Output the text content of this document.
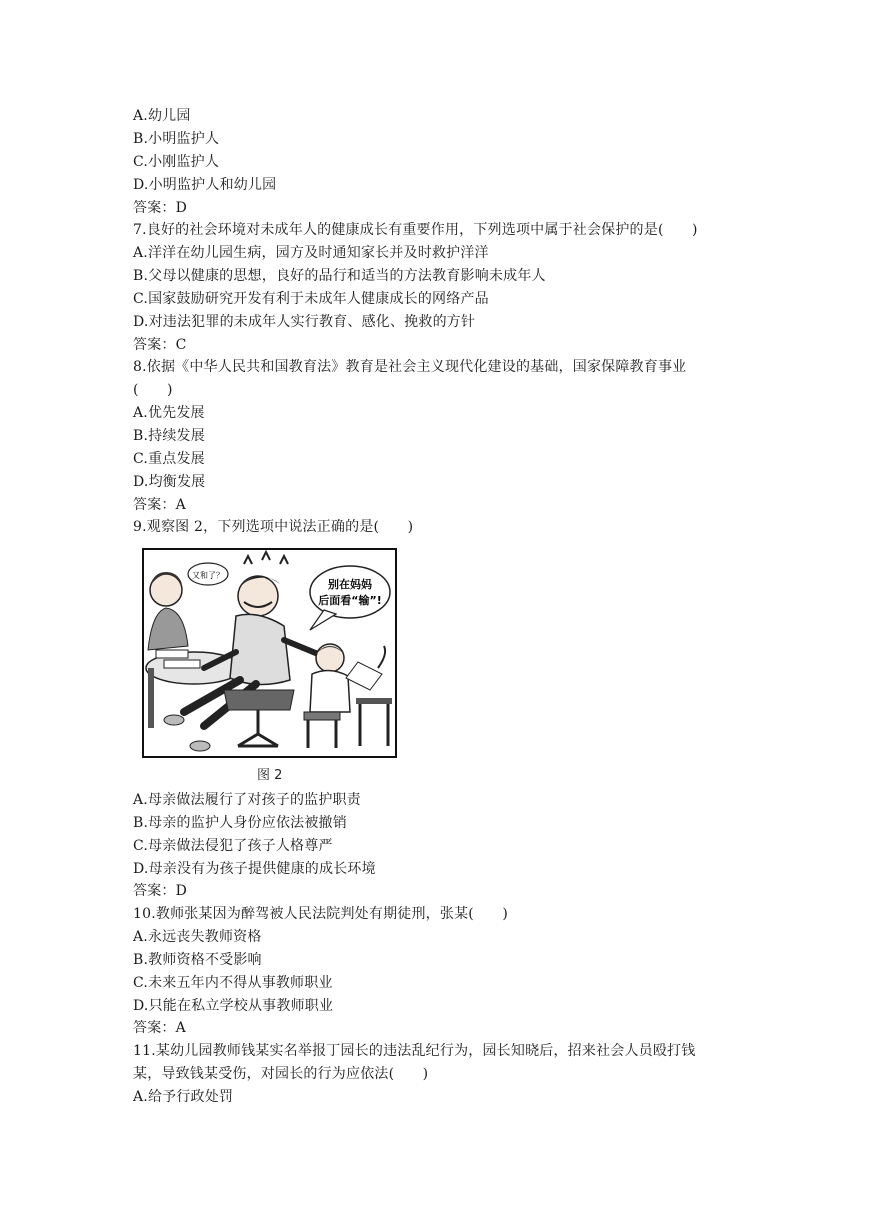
A.幼儿园
B.小明监护人
C.小刚监护人
D.小明监护人和幼儿园
答案：D
7.良好的社会环境对未成年人的健康成长有重要作用，下列选项中属于社会保护的是(　　)
A.洋洋在幼儿园生病，园方及时通知家长并及时救护洋洋
B.父母以健康的思想，良好的品行和适当的方法教育影响未成年人
C.国家鼓励研究开发有利于未成年人健康成长的网络产品
D.对违法犯罪的未成年人实行教育、感化、挽救的方针
答案：C
8.依据《中华人民共和国教育法》教育是社会主义现代化建设的基础，国家保障教育事业
(　　)
A.优先发展
B.持续发展
C.重点发展
D.均衡发展
答案：A
9.观察图 2，下列选项中说法正确的是(　　)
又和了？
别在妈妈
后面看“输”!
图 2
A.母亲做法履行了对孩子的监护职责
B.母亲的监护人身份应依法被撤销
C.母亲做法侵犯了孩子人格尊严
D.母亲没有为孩子提供健康的成长环境
答案：D
10.教师张某因为醉驾被人民法院判处有期徒刑，张某(　　)
A.永远丧失教师资格
B.教师资格不受影响
C.未来五年内不得从事教师职业
D.只能在私立学校从事教师职业
答案：A
11.某幼儿园教师钱某实名举报丁园长的违法乱纪行为，园长知晓后，招来社会人员殴打钱
某，导致钱某受伤，对园长的行为应依法(　　)
A.给予行政处罚
